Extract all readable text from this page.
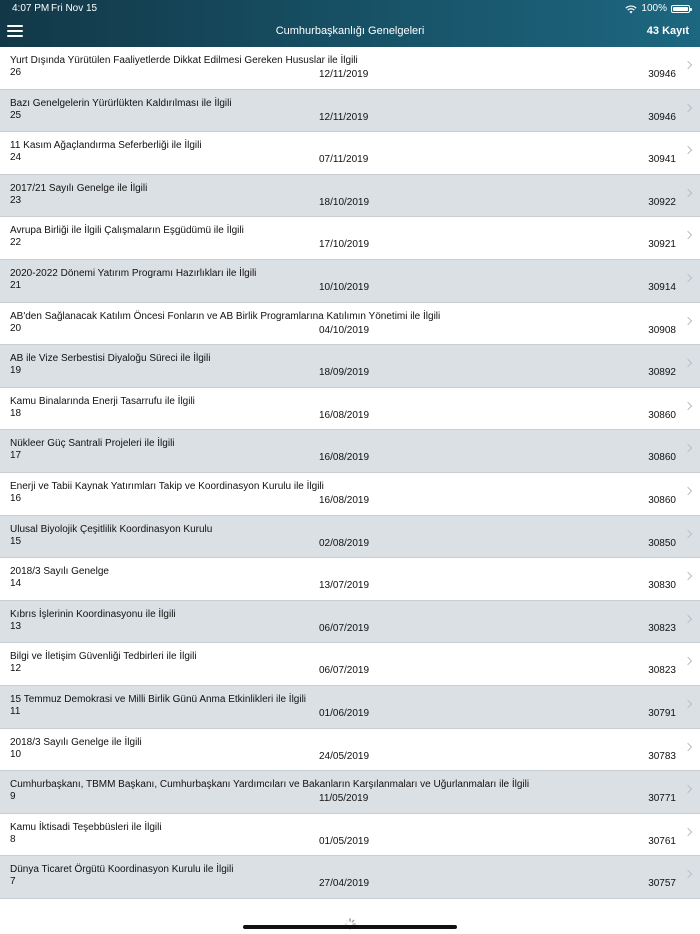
4:07 PM Fri Nov 15	100%
Cumhurbaşkanlığı Genelgeleri	43 Kayıt
Yurt Dışında Yürütülen Faaliyetlerde Dikkat Edilmesi Gereken Hususlar ile İlgili
26	12/11/2019	30946
Bazı Genelgelerin Yürürlükten Kaldırılması ile İlgili
25	12/11/2019	30946
11 Kasım Ağaçlandırma Seferberliği ile İlgili
24	07/11/2019	30941
2017/21 Sayılı Genelge ile İlgili
23	18/10/2019	30922
Avrupa Birliği ile İlgili Çalışmaların Eşgüdümü ile İlgili
22	17/10/2019	30921
2020-2022 Dönemi Yatırım Programı Hazırlıkları ile İlgili
21	10/10/2019	30914
AB'den Sağlanacak Katılım Öncesi Fonların ve AB Birlik Programlarına Katılımın Yönetimi ile İlgili
20	04/10/2019	30908
AB ile Vize Serbestisi Diyaloğu Süreci ile İlgili
19	18/09/2019	30892
Kamu Binalarında Enerji Tasarrufu ile İlgili
18	16/08/2019	30860
Nükleer Güç Santrali Projeleri ile İlgili
17	16/08/2019	30860
Enerji ve Tabii Kaynak Yatırımları Takip ve Koordinasyon Kurulu ile İlgili
16	16/08/2019	30860
Ulusal Biyolojik Çeşitlilik Koordinasyon Kurulu
15	02/08/2019	30850
2018/3 Sayılı Genelge
14	13/07/2019	30830
Kıbrıs İşlerinin Koordinasyonu ile İlgili
13	06/07/2019	30823
Bilgi ve İletişim Güvenliği Tedbirleri ile İlgili
12	06/07/2019	30823
15 Temmuz Demokrasi ve Milli Birlik Günü Anma Etkinlikleri ile İlgili
11	01/06/2019	30791
2018/3 Sayılı Genelge ile İlgili
10	24/05/2019	30783
Cumhurbaşkanı, TBMM Başkanı, Cumhurbaşkanı Yardımcıları ve Bakanların Karşılanmaları ve Uğurlanmaları ile İlgili
9	11/05/2019	30771
Kamu İktisadi Teşebbüsleri ile İlgili
8	01/05/2019	30761
Dünya Ticaret Örgütü Koordinasyon Kurulu ile İlgili
7	27/04/2019	30757
